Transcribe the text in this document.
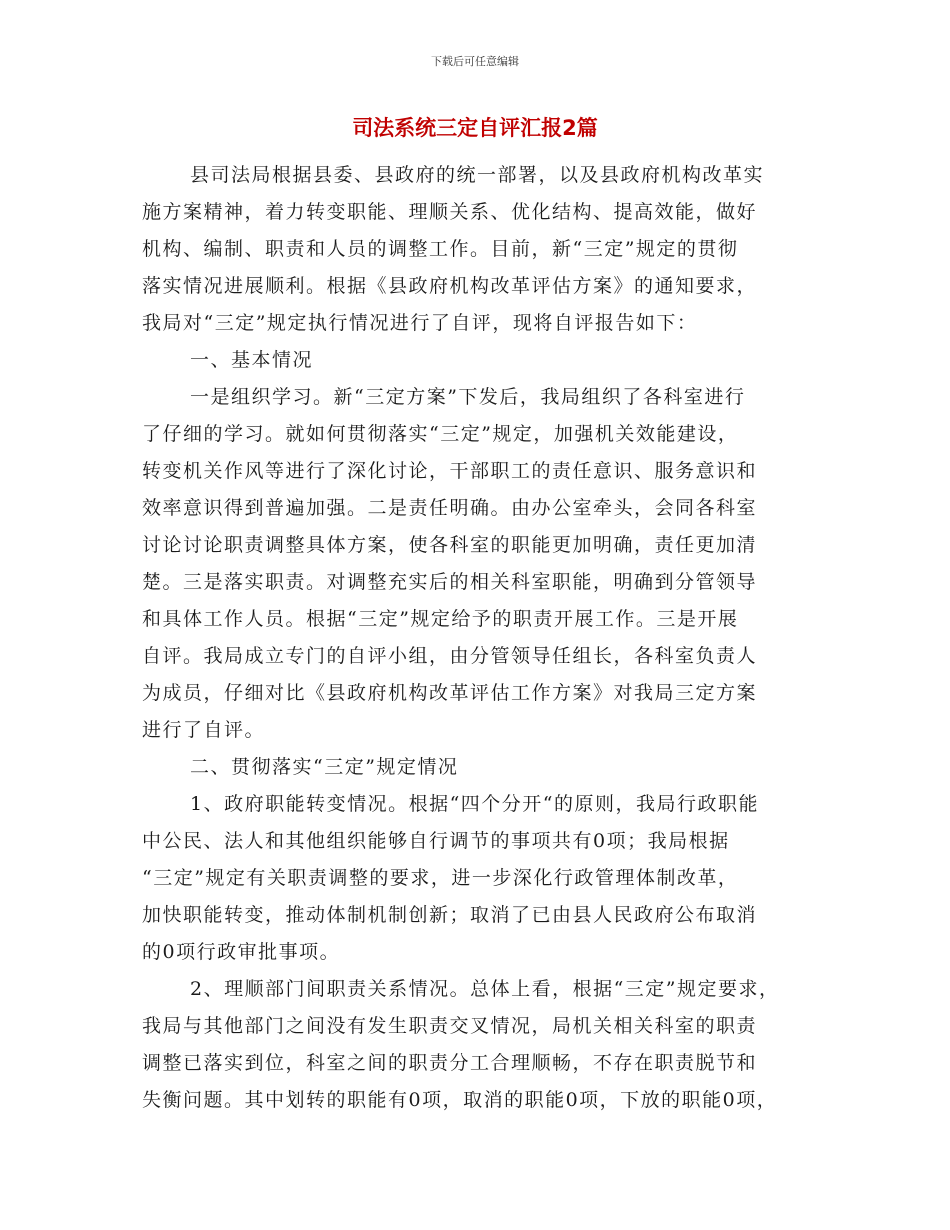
下载后可任意编辑
司法系统三定自评汇报2篇
县司法局根据县委、县政府的统一部署，以及县政府机构改革实
施方案精神，着力转变职能、理顺关系、优化结构、提高效能，做好
机构、编制、职责和人员的调整工作。目前，新“三定”规定的贯彻
落实情况进展顺利。根据《县政府机构改革评估方案》的通知要求，
我局对“三定”规定执行情况进行了自评，现将自评报告如下：
一、基本情况
一是组织学习。新“三定方案”下发后，我局组织了各科室进行
了仔细的学习。就如何贯彻落实“三定”规定，加强机关效能建设，
转变机关作风等进行了深化讨论，干部职工的责任意识、服务意识和
效率意识得到普遍加强。二是责任明确。由办公室牵头，会同各科室
讨论讨论职责调整具体方案，使各科室的职能更加明确，责任更加清
楚。三是落实职责。对调整充实后的相关科室职能，明确到分管领导
和具体工作人员。根据“三定”规定给予的职责开展工作。三是开展
自评。我局成立专门的自评小组，由分管领导任组长，各科室负责人
为成员，仔细对比《县政府机构改革评估工作方案》对我局三定方案
进行了自评。
二、贯彻落实“三定”规定情况
1、政府职能转变情况。根据“四个分开“的原则，我局行政职能
中公民、法人和其他组织能够自行调节的事项共有0项；我局根据
“三定”规定有关职责调整的要求，进一步深化行政管理体制改革，
加快职能转变，推动体制机制创新；取消了已由县人民政府公布取消
的0项行政审批事项。
2、理顺部门间职责关系情况。总体上看，根据“三定”规定要求，
我局与其他部门之间没有发生职责交叉情况，局机关相关科室的职责
调整已落实到位，科室之间的职责分工合理顺畅，不存在职责脱节和
失衡问题。其中划转的职能有0项，取消的职能0项，下放的职能0项，
